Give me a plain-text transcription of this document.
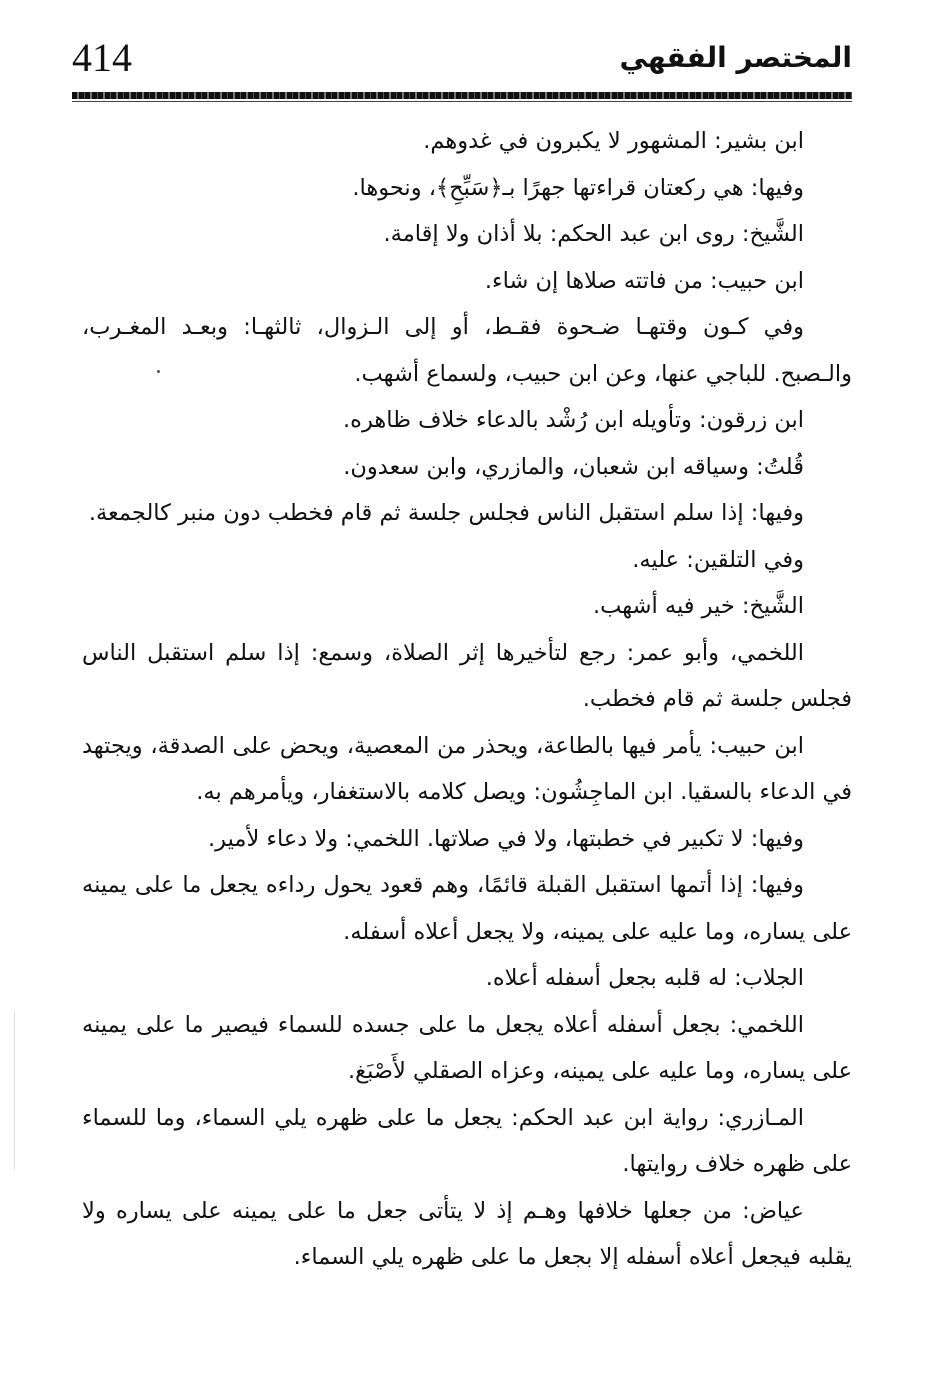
414	المختصر الفقهي

ابن بشير: المشهور لا يكبرون في غدوهم.

وفيها: هي ركعتان قراءتها جهرًا بـ﴿سَبِّحِ﴾، ونحوها.

الشَّيخ: روى ابن عبد الحكم: بلا أذان ولا إقامة.

ابن حبيب: من فاتته صلاها إن شاء.

وفي كـون وقتهـا ضـحوة فقـط، أو إلى الـزوال، ثالثهـا: وبعـد المغـرب، والـصبح. للباجي عنها، وعن ابن حبيب، ولسماع أشهب.

ابن زرقون: وتأويله ابن رُشْد بالدعاء خلاف ظاهره.

قُلتُ: وسياقه ابن شعبان، والمازري، وابن سعدون.

وفيها: إذا سلم استقبل الناس فجلس جلسة ثم قام فخطب دون منبر كالجمعة.

وفي التلقين: عليه.

الشَّيخ: خير فيه أشهب.

اللخمي، وأبو عمر: رجع لتأخيرها إثر الصلاة، وسمع: إذا سلم استقبل الناس فجلس جلسة ثم قام فخطب.

ابن حبيب: يأمر فيها بالطاعة، ويحذر من المعصية، ويحض على الصدقة، ويجتهد في الدعاء بالسقيا. ابن الماجِشُون: ويصل كلامه بالاستغفار، ويأمرهم به.

وفيها: لا تكبير في خطبتها، ولا في صلاتها. اللخمي: ولا دعاء لأمير.

وفيها: إذا أتمها استقبل القبلة قائمًا، وهم قعود يحول رداءه يجعل ما على يمينه على يساره، وما عليه على يمينه، ولا يجعل أعلاه أسفله.

الجلاب: له قلبه بجعل أسفله أعلاه.

اللخمي: بجعل أسفله أعلاه يجعل ما على جسده للسماء فيصير ما على يمينه على يساره، وما عليه على يمينه، وعزاه الصقلي لأَصْبَغ.

المـازري: رواية ابن عبد الحكم: يجعل ما على ظهره يلي السماء، وما للسماء على ظهره خلاف روايتها.

عياض: من جعلها خلافها وهـم إذ لا يتأتى جعل ما على يمينه على يساره ولا يقلبه فيجعل أعلاه أسفله إلا بجعل ما على ظهره يلي السماء.
